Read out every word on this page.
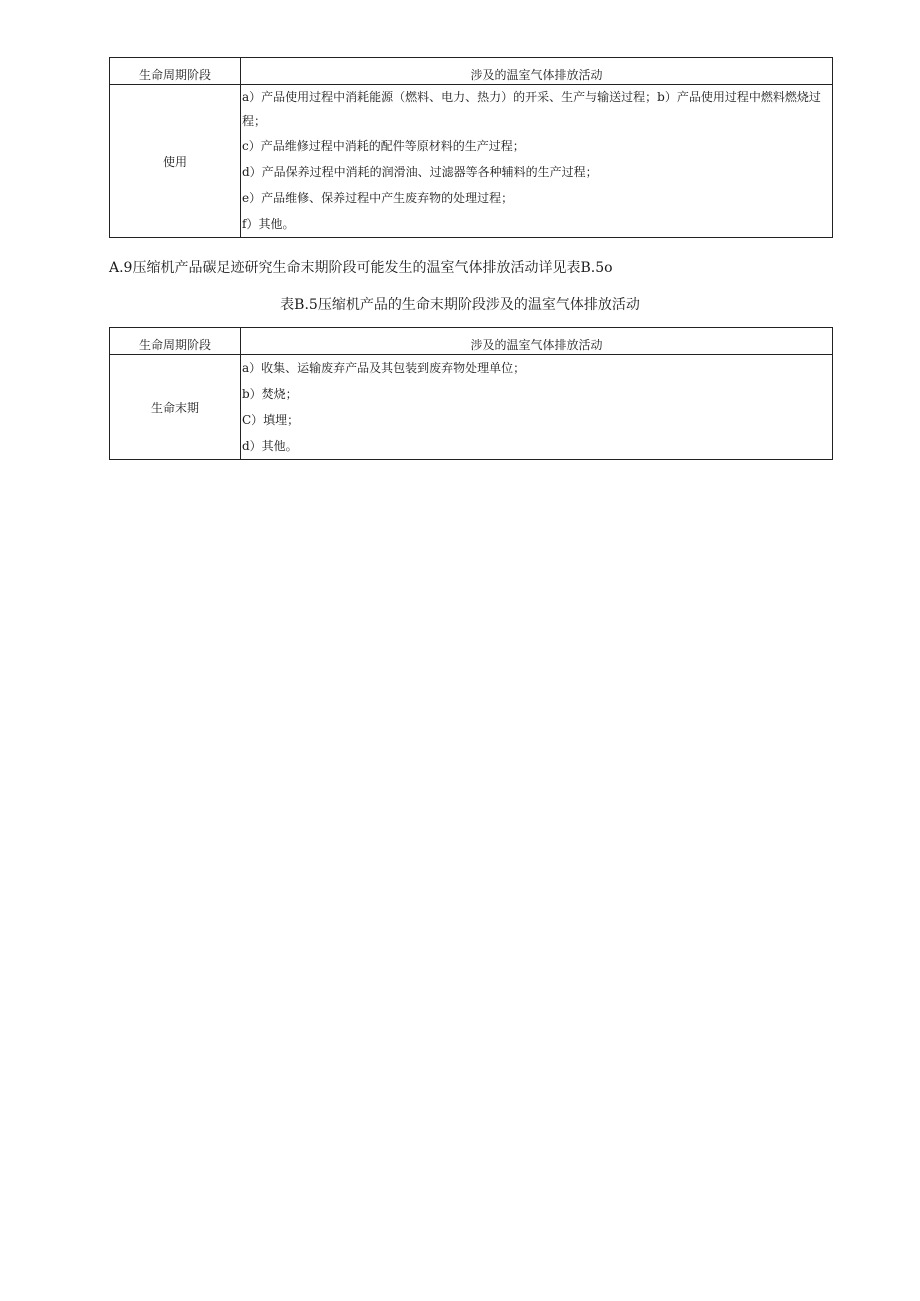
生命周期阶段	涉及的温室气体排放活动
使用	a）产品使用过程中消耗能源（燃料、电力、热力）的开采、生产与输送过程；b）产品使用过程中燃料燃烧过程；
c）产品维修过程中消耗的配件等原材料的生产过程；
d）产品保养过程中消耗的润滑油、过滤器等各种辅料的生产过程；
e）产品维修、保养过程中产生废弃物的处理过程；
f）其他。
A.9压缩机产品碳足迹研究生命末期阶段可能发生的温室气体排放活动详见表B.5o
表B.5压缩机产品的生命末期阶段涉及的温室气体排放活动
生命周期阶段	涉及的温室气体排放活动
生命末期	a）收集、运输废弃产品及其包装到废弃物处理单位；
b）焚烧；
C）填埋；
d）其他。
